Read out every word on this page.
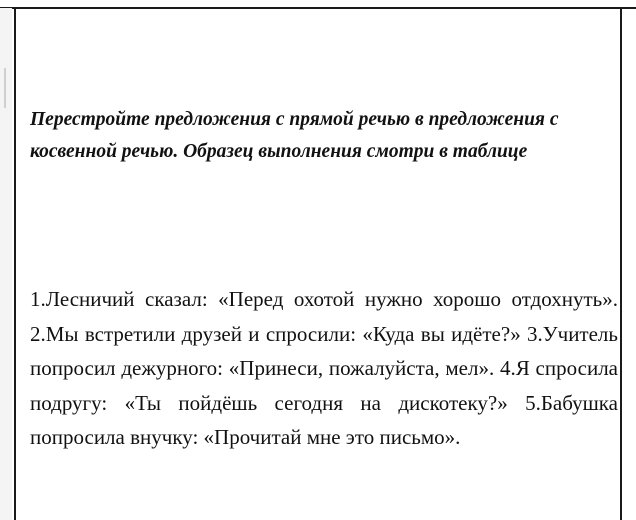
Перестройте предложения с прямой речью в предложения с косвенной речью. Образец выполнения смотри в таблице

1.Лесничий сказал: «Перед охотой нужно хорошо отдохнуть». 2.Мы встретили друзей и спросили: «Куда вы идёте?» 3.Учитель попросил дежурного: «Принеси, пожалуйста, мел». 4.Я спросила подругу: «Ты пойдёшь сегодня на дискотеку?» 5.Бабушка попросила внучку: «Прочитай мне это письмо».
